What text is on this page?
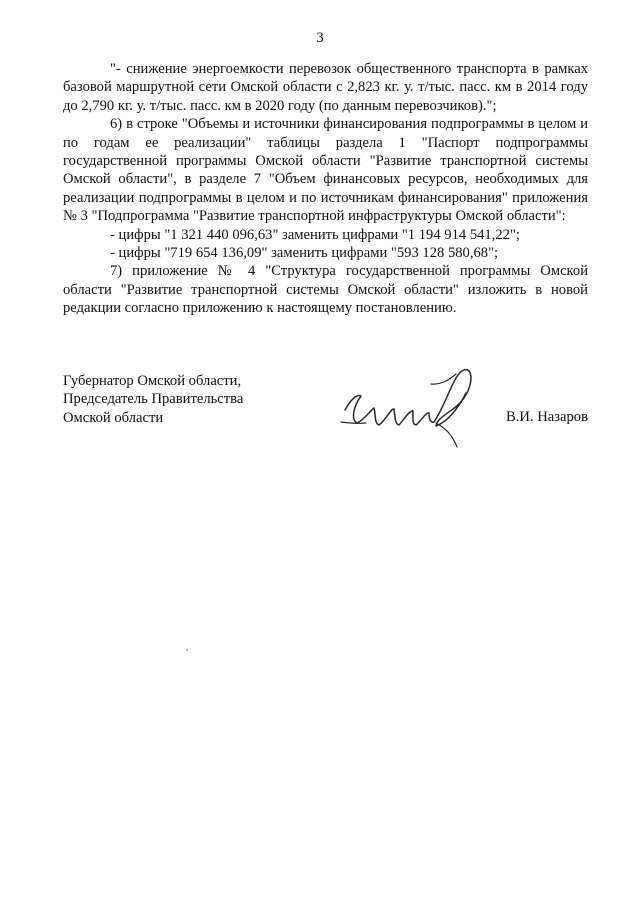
3

"- снижение энергоемкости перевозок общественного транспорта в рамках базовой маршрутной сети Омской области с 2,823 кг. у. т/тыс. пасс. км в 2014 году до 2,790 кг. у. т/тыс. пасс. км в 2020 году (по данным перевозчиков).";

6) в строке "Объемы и источники финансирования подпрограммы в целом и по годам ее реализации" таблицы раздела 1 "Паспорт подпрограммы государственной программы Омской области "Развитие транспортной системы Омской области", в разделе 7 "Объем финансовых ресурсов, необходимых для реализации подпрограммы в целом и по источникам финансирования" приложения № 3 "Подпрограмма "Развитие транспортной инфраструктуры Омской области":

- цифры "1 321 440 096,63" заменить цифрами "1 194 914 541,22";

- цифры "719 654 136,09" заменить цифрами "593 128 580,68";

7) приложение № 4 "Структура государственной программы Омской области "Развитие транспортной системы Омской области" изложить в новой редакции согласно приложению к настоящему постановлению.

Губернатор Омской области,
Председатель Правительства
Омской области	В.И. Назаров
